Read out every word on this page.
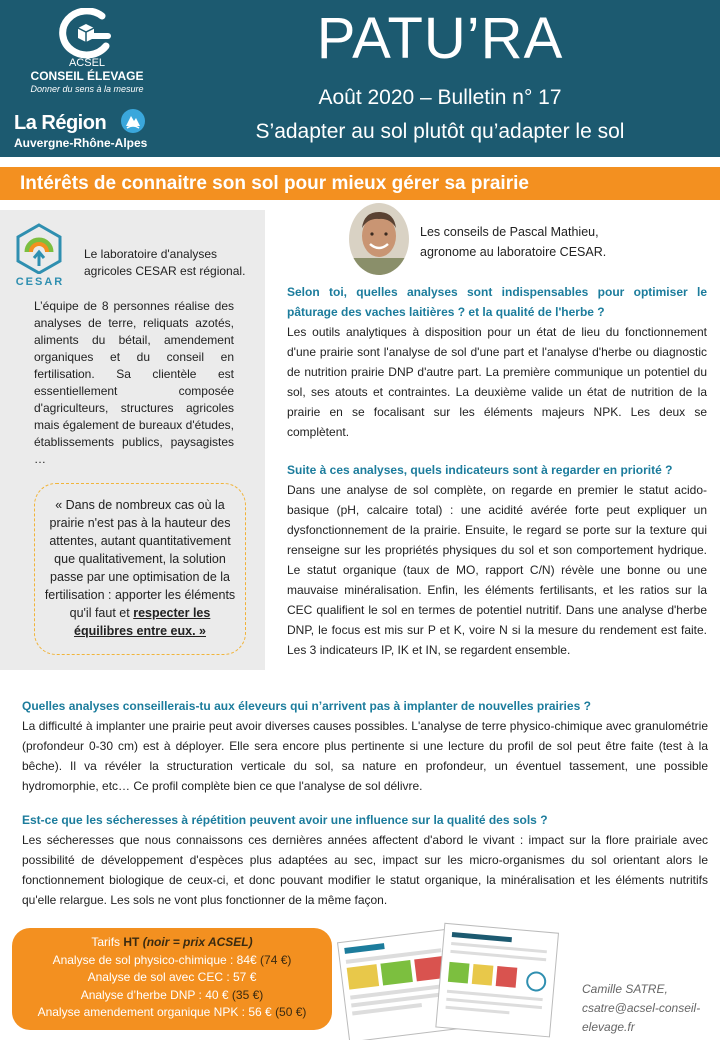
ACSEL
CONSEIL ÉLEVAGE
Donner du sens à la mesure
La Région
Auvergne-Rhône-Alpes
PATU’RA
Août 2020 – Bulletin n° 17
S’adapter au sol plutôt qu’adapter le sol
Intérêts de connaitre son sol pour mieux gérer sa prairie
CESAR
Le laboratoire d'analyses agricoles CESAR est régional.
L’équipe de 8 personnes réalise des analyses de terre, reliquats azotés, aliments du bétail, amendement organiques et du conseil en fertilisation. Sa clientèle est essentiellement composée d'agriculteurs, structures agricoles mais également de bureaux d'études, établissements publics, paysagistes …
« Dans de nombreux cas où la prairie n'est pas à la hauteur des attentes, autant quantitativement que qualitativement, la solution passe par une optimisation de la fertilisation : apporter les éléments qu'il faut et respecter les équilibres entre eux. »
Les conseils de Pascal Mathieu,
agronome au laboratoire CESAR.
Selon toi, quelles analyses sont indispensables pour optimiser le pâturage des vaches laitières ? et la qualité de l'herbe ?
Les outils analytiques à disposition pour un état de lieu du fonctionnement d'une prairie sont l'analyse de sol d'une part et l'analyse d'herbe ou diagnostic de nutrition prairie DNP d'autre part. La première communique un potentiel du sol, ses atouts et contraintes. La deuxième valide un état de nutrition de la prairie en se focalisant sur les éléments majeurs NPK. Les deux se complètent.
Suite à ces analyses, quels indicateurs sont à regarder en priorité ?
Dans une analyse de sol complète, on regarde en premier le statut acido-basique (pH, calcaire total) : une acidité avérée forte peut expliquer un dysfonctionnement de la prairie. Ensuite, le regard se porte sur la texture qui renseigne sur les propriétés physiques du sol et son comportement hydrique. Le statut organique (taux de MO, rapport C/N) révèle une bonne ou une mauvaise minéralisation. Enfin, les éléments fertilisants, et les ratios sur la CEC qualifient le sol en termes de potentiel nutritif. Dans une analyse d'herbe DNP, le focus est mis sur P et K, voire N si la mesure du rendement est faite. Les 3 indicateurs IP, IK et IN, se regardent ensemble.
Quelles analyses conseillerais-tu aux éleveurs qui n’arrivent pas à implanter de nouvelles prairies ?
La difficulté à implanter une prairie peut avoir diverses causes possibles. L'analyse de terre physico-chimique avec granulométrie (profondeur 0-30 cm) est à déployer. Elle sera encore plus pertinente si une lecture du profil de sol peut être faite (test à la bêche). Il va révéler la structuration verticale du sol, sa nature en profondeur, un éventuel tassement, une possible hydromorphie, etc… Ce profil complète bien ce que l'analyse de sol délivre.
Est-ce que les sécheresses à répétition peuvent avoir une influence sur la qualité des sols ?
Les sécheresses que nous connaissons ces dernières années affectent d'abord le vivant : impact sur la flore prairiale avec possibilité de développement d'espèces plus adaptées au sec, impact sur les micro-organismes du sol orientant alors le fonctionnement biologique de ceux-ci, et donc pouvant modifier le statut organique, la minéralisation et les éléments nutritifs qu'elle relargue. Les sols ne vont plus fonctionner de la même façon.
Tarifs HT (noir = prix ACSEL)
Analyse de sol physico-chimique : 84€ (74 €)
Analyse de sol avec CEC : 57 €
Analyse d’herbe DNP : 40 € (35 €)
Analyse amendement organique NPK : 56 € (50 €)
Camille SATRE,
csatre@acsel-conseil-elevage.fr
